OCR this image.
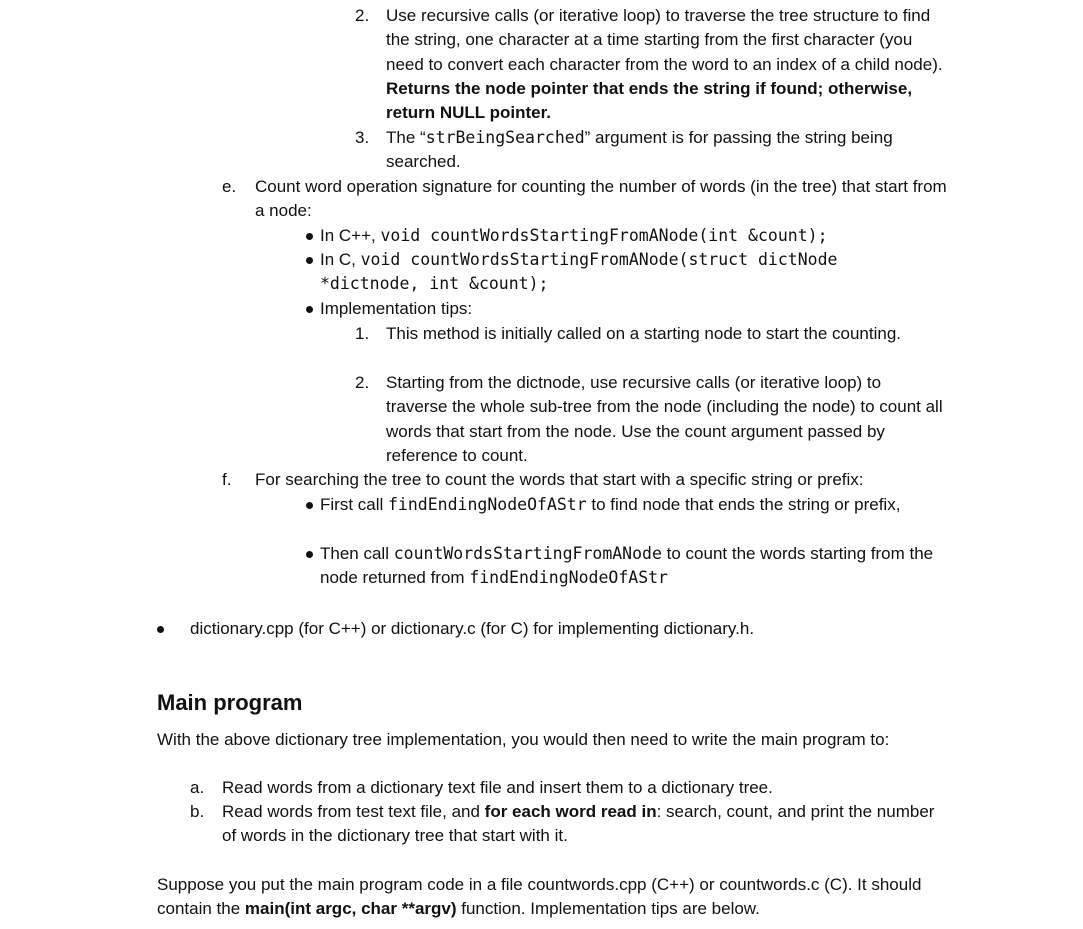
2. Use recursive calls (or iterative loop) to traverse the tree structure to find the string, one character at a time starting from the first character (you need to convert each character from the word to an index of a child node). Returns the node pointer that ends the string if found; otherwise, return NULL pointer.
3. The “strBeingSearched” argument is for passing the string being searched.
e. Count word operation signature for counting the number of words (in the tree) that start from a node:
In C++, void countWordsStartingFromANode(int &count);
In C, void countWordsStartingFromANode(struct dictNode
*dictnode, int &count);
Implementation tips:
1. This method is initially called on a starting node to start the counting.
2. Starting from the dictnode, use recursive calls (or iterative loop) to traverse the whole sub-tree from the node (including the node) to count all words that start from the node. Use the count argument passed by reference to count.
f. For searching the tree to count the words that start with a specific string or prefix:
First call findEndingNodeOfAStr to find node that ends the string or prefix,
Then call countWordsStartingFromANode to count the words starting from the node returned from findEndingNodeOfAStr
dictionary.cpp (for C++) or dictionary.c (for C) for implementing dictionary.h.
Main program
With the above dictionary tree implementation, you would then need to write the main program to:
a. Read words from a dictionary text file and insert them to a dictionary tree.
b. Read words from test text file, and for each word read in: search, count, and print the number of words in the dictionary tree that start with it.
Suppose you put the main program code in a file countwords.cpp (C++) or countwords.c (C). It should contain the main(int argc, char **argv) function. Implementation tips are below.
